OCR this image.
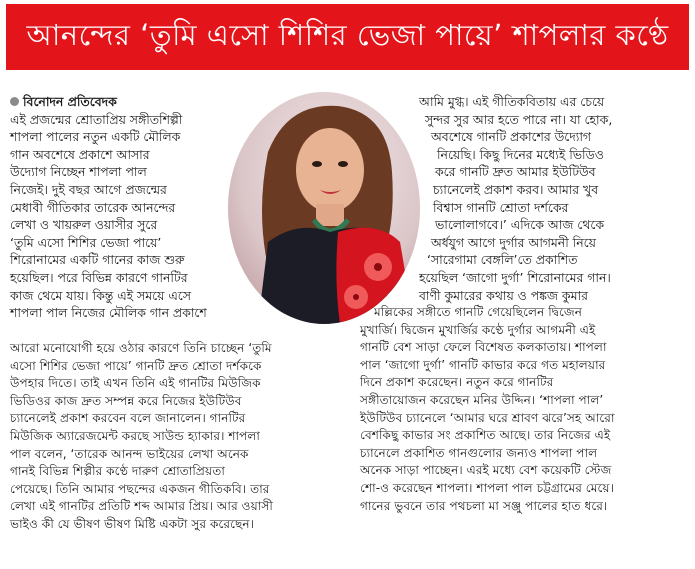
আনন্দের ‘তুমি এসো শিশির ভেজা পায়ে’ শাপলার কণ্ঠে
বিনোদন প্রতিবেদক

এই প্রজন্মের শ্রোতাপ্রিয় সঙ্গীতশিল্পী

শাপলা পালের নতুন একটি মৌলিক

গান অবশেষে প্রকাশে আসার

উদ্যোগ নিচ্ছেন শাপলা পাল

নিজেই। দুই বছর আগে প্রজন্মের

মেধাবী গীতিকার তারেক আনন্দের

লেখা ও খায়রুল ওয়াসীর সুরে

‘তুমি এসো শিশির ভেজা পায়ে’

শিরোনামের একটি গানের কাজ শুরু

হয়েছিল। পরে বিভিন্ন কারণে গানটির

কাজ থেমে যায়। কিন্তু এই সময়ে এসে

শাপলা পাল নিজের মৌলিক গান প্রকাশে

আমি মুগ্ধ। এই গীতিকবিতায় এর চেয়ে

সুন্দর সুর আর হতে পারে না। যা হোক,

অবশেষে গানটি প্রকাশের উদ্যোগ

নিয়েছি। কিছু দিনের মধ্যেই ভিডিও

করে গানটি দ্রুত আমার ইউটিউব

চ্যানেলেই প্রকাশ করব। আমার খুব

বিশ্বাস গানটি শ্রোতা দর্শকের

ভালোলাগবে।’ এদিকে আজ থেকে

অর্ধযুগ আগে দুর্গার আগমনী নিয়ে

‘সারেগামা বেঙ্গলি’তে প্রকাশিত

হয়েছিল ‘জাগো দুর্গা’ শিরোনামের গান।

বাণী কুমারের কথায় ও পঙ্কজ কুমার

মল্লিকের সঙ্গীতে গানটি গেয়েছিলেন দ্বিজেন

মুখার্জি। দ্বিজেন মুখার্জির কণ্ঠে দুর্গার আগমনী এই

গানটি বেশ সাড়া ফেলে বিশেষত কলকাতায়। শাপলা

পাল ‘জাগো দুর্গা’ গানটি কাভার করে গত মহালয়ার

দিনে প্রকাশ করেছেন। নতুন করে গানটির

সঙ্গীতায়োজন করেছেন মনির উদ্দিন। ‘শাপলা পাল’

ইউটিউব চ্যানেলে ‘আমার ঘরে শ্রাবণ ঝরে’সহ আরো

বেশকিছু কাভার সং প্রকাশিত আছে। তার নিজের এই

চ্যানেলে প্রকাশিত গানগুলোর জন্যও শাপলা পাল

অনেক সাড়া পাচ্ছেন। এরই মধ্যে বেশ কয়েকটি স্টেজ

শো-ও করেছেন শাপলা। শাপলা পাল চট্টগ্রামের মেয়ে।

গানের ভুবনে তার পথচলা মা সঞ্জু পালের হাত ধরে।

আরো মনোযোগী হয়ে ওঠার কারণে তিনি চাচ্ছেন ‘তুমি

এসো শিশির ভেজা পায়ে’ গানটি দ্রুত শ্রোতা দর্শককে

উপহার দিতে। তাই এখন তিনি এই গানটির মিউজিক

ভিডিওর কাজ দ্রুত সম্পন্ন করে নিজের ইউটিউব

চ্যানেলেই প্রকাশ করবেন বলে জানালেন। গানটির

মিউজিক অ্যারেজমেন্ট করছে সাউন্ড হ্যাকার। শাপলা

পাল বলেন, ‘তারেক আনন্দ ভাইয়ের লেখা অনেক

গানই বিভিন্ন শিল্পীর কণ্ঠে দারুণ শ্রোতাপ্রিয়তা

পেয়েছে। তিনি আমার পছন্দের একজন গীতিকবি। তার

লেখা এই গানটির প্রতিটি শব্দ আমার প্রিয়। আর ওয়াসী

ভাইও কী যে ভীষণ ভীষণ মিষ্টি একটা সুর করেছেন।
